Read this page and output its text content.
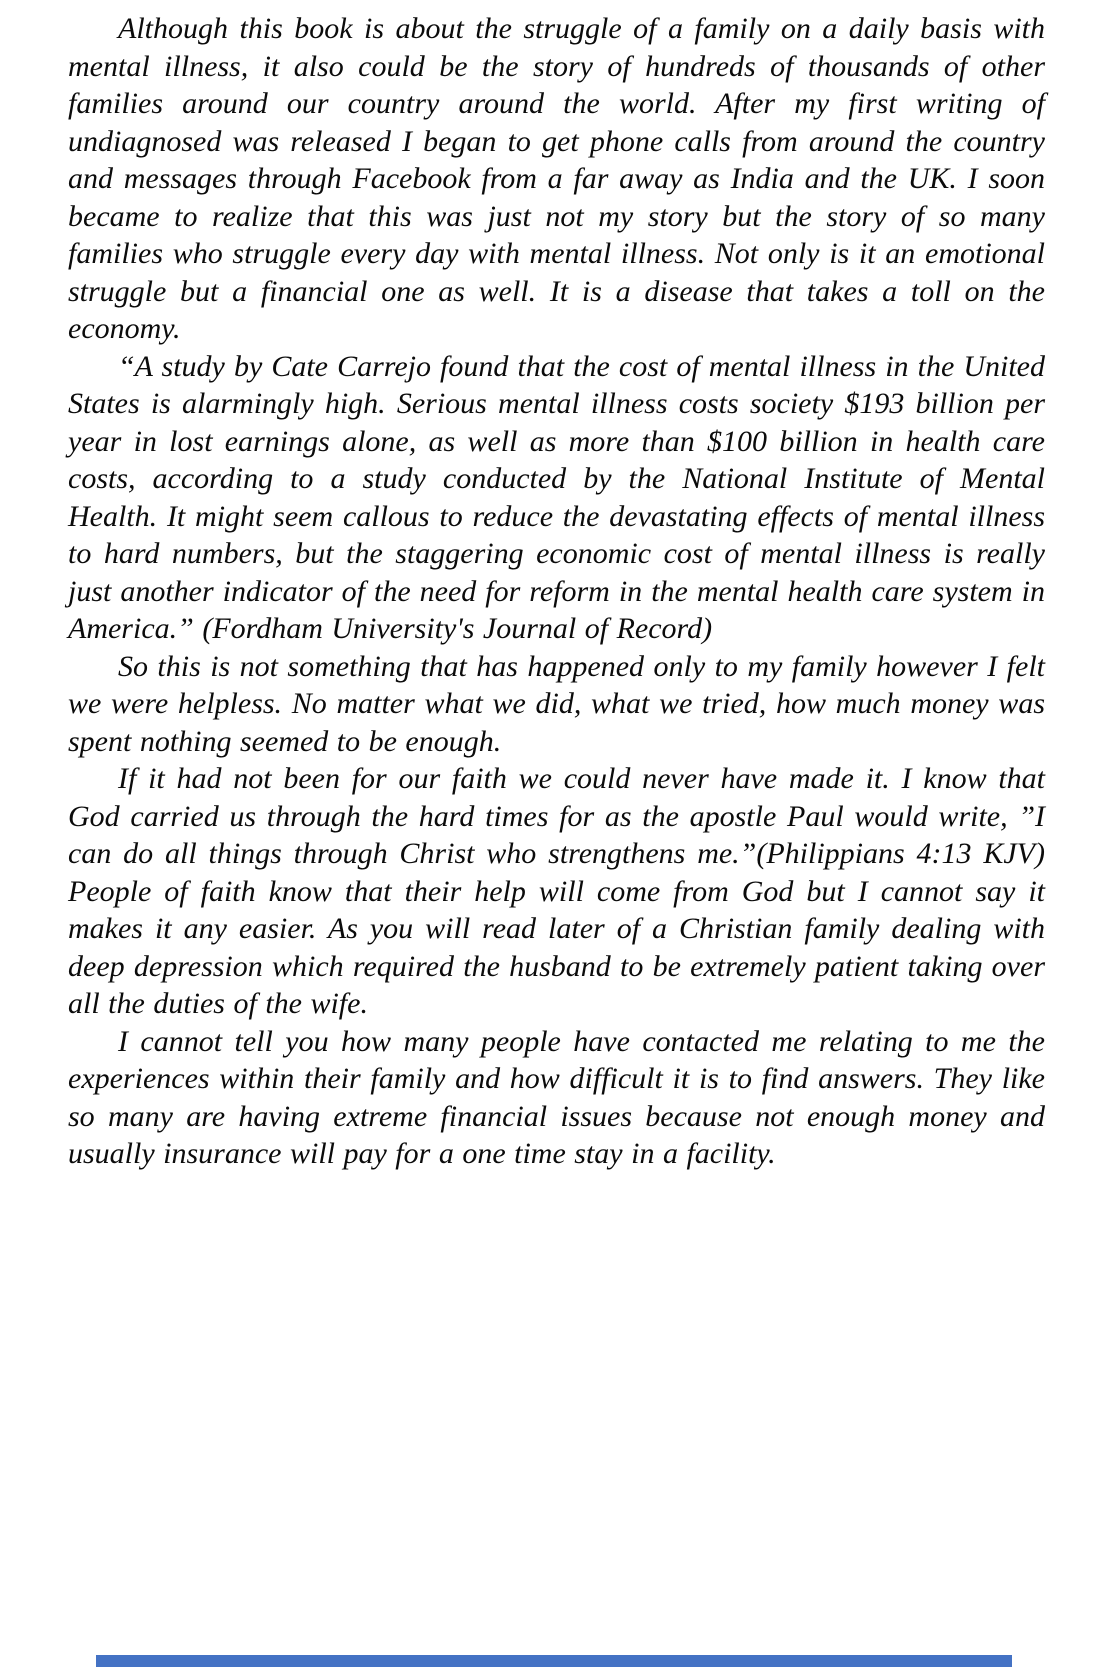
Although this book is about the struggle of a family on a daily basis with mental illness, it also could be the story of hundreds of thousands of other families around our country around the world. After my first writing of undiagnosed was released I began to get phone calls from around the country and messages through Facebook from a far away as India and the UK. I soon became to realize that this was just not my story but the story of so many families who struggle every day with mental illness. Not only is it an emotional struggle but a financial one as well. It is a disease that takes a toll on the economy.

“A study by Cate Carrejo found that the cost of mental illness in the United States is alarmingly high. Serious mental illness costs society $193 billion per year in lost earnings alone, as well as more than $100 billion in health care costs, according to a study conducted by the National Institute of Mental Health. It might seem callous to reduce the devastating effects of mental illness to hard numbers, but the staggering economic cost of mental illness is really just another indicator of the need for reform in the mental health care system in America.” (Fordham University's Journal of Record)

So this is not something that has happened only to my family however I felt we were helpless. No matter what we did, what we tried, how much money was spent nothing seemed to be enough.

If it had not been for our faith we could never have made it. I know that God carried us through the hard times for as the apostle Paul would write, ”I can do all things through Christ who strengthens me.”(Philippians 4:13 KJV) People of faith know that their help will come from God but I cannot say it makes it any easier. As you will read later of a Christian family dealing with deep depression which required the husband to be extremely patient taking over all the duties of the wife.

I cannot tell you how many people have contacted me relating to me the experiences within their family and how difficult it is to find answers. They like so many are having extreme financial issues because not enough money and usually insurance will pay for a one time stay in a facility.
